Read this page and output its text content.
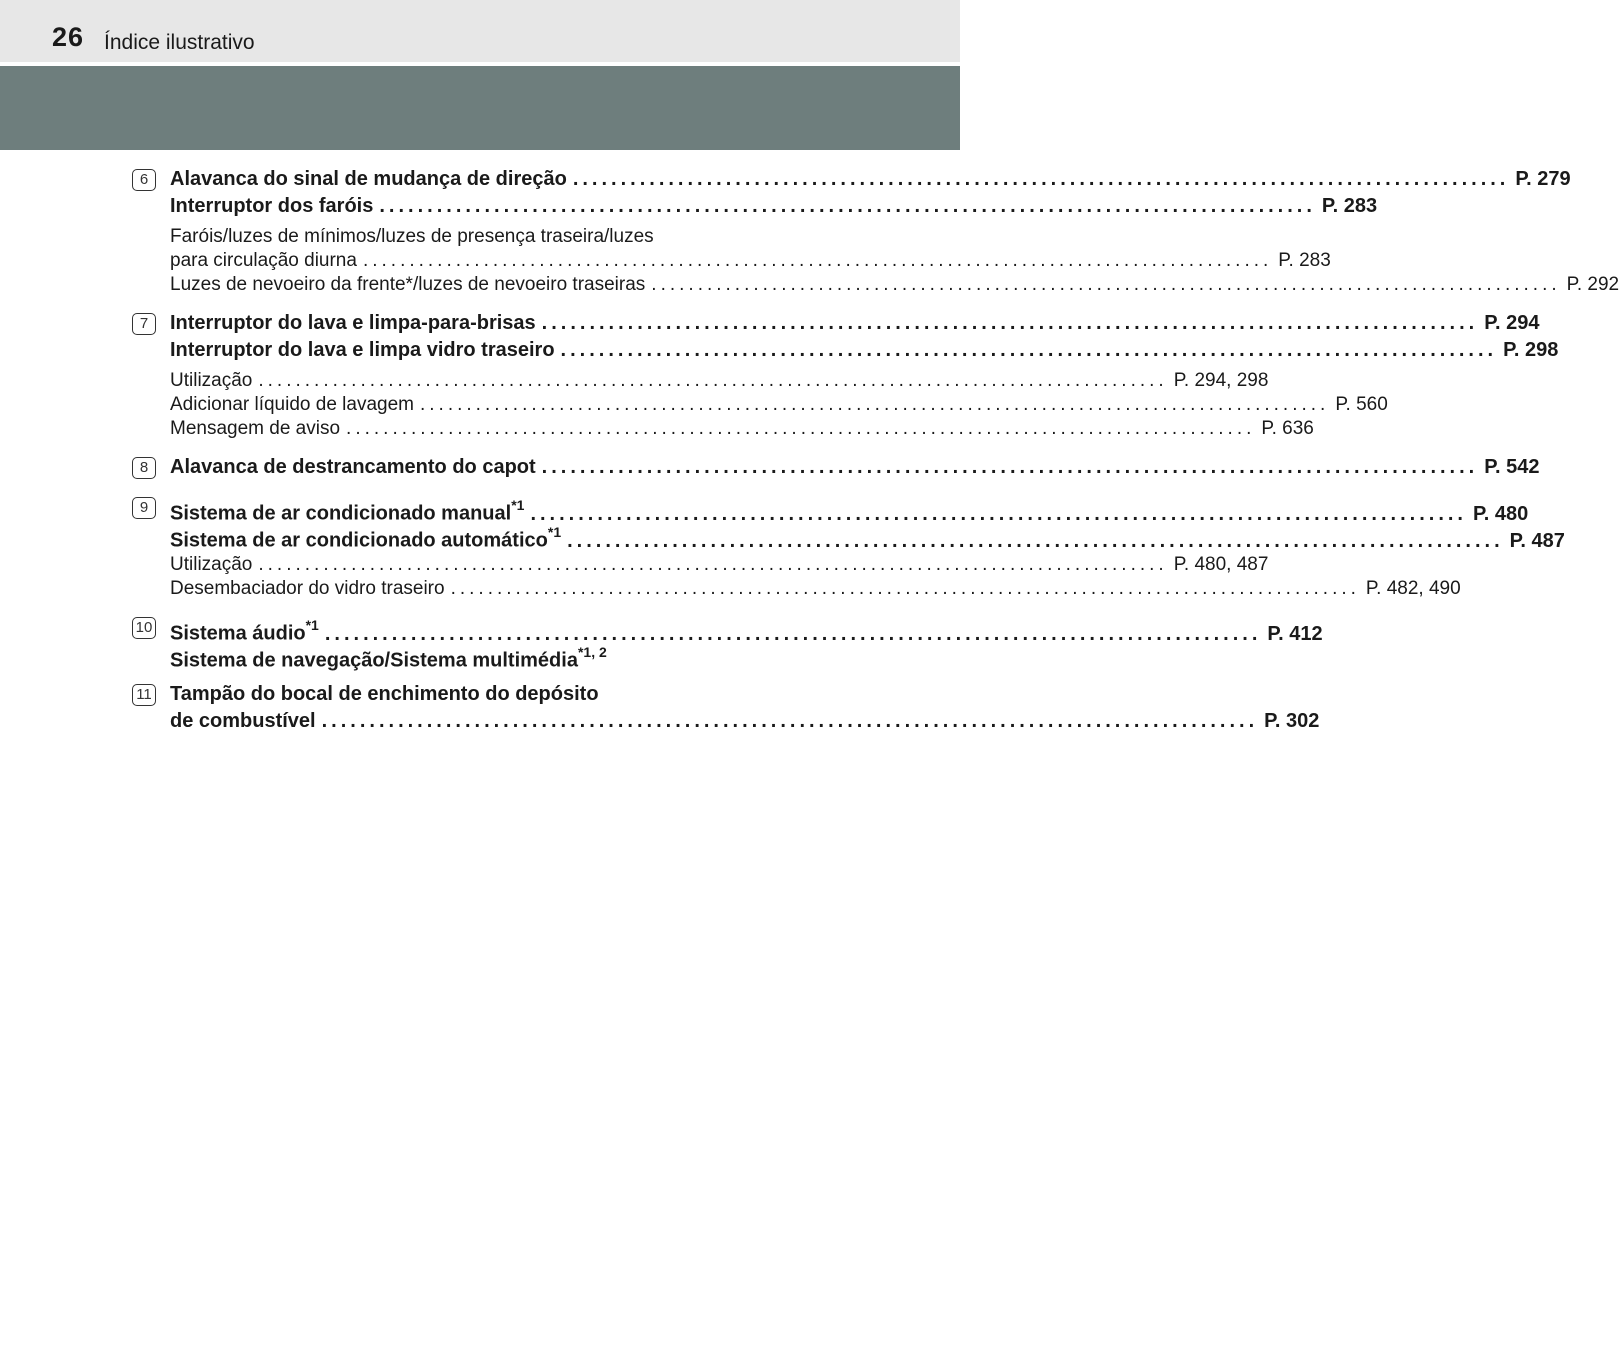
26 Índice ilustrativo
6	Alavanca do sinal de mudança de direção .................................................................................................. P. 279
Interruptor dos faróis .................................................................................................. P. 283
Faróis/luzes de mínimos/luzes de presença traseira/luzes
para circulação diurna .................................................................................................. P. 283
Luzes de nevoeiro da frente*/luzes de nevoeiro traseiras .................................................................................................. P. 292
7	Interruptor do lava e limpa-para-brisas .................................................................................................. P. 294
Interruptor do lava e limpa vidro traseiro .................................................................................................. P. 298
Utilização .................................................................................................. P. 294, 298
Adicionar líquido de lavagem .................................................................................................. P. 560
Mensagem de aviso .................................................................................................. P. 636
8	Alavanca de destrancamento do capot .................................................................................................. P. 542
9	Sistema de ar condicionado manual$^{*1}$ .................................................................................................. P. 480
Sistema de ar condicionado automático$^{*1}$ .................................................................................................. P. 487
Utilização .................................................................................................. P. 480, 487
Desembaciador do vidro traseiro .................................................................................................. P. 482, 490
10 Sistema áudio$^{*1}$ .................................................................................................. P. 412
Sistema de navegação/Sistema multimédia$^{*1, 2}$
11 Tampão do bocal de enchimento do depósito
de combustível .................................................................................................. P. 302
